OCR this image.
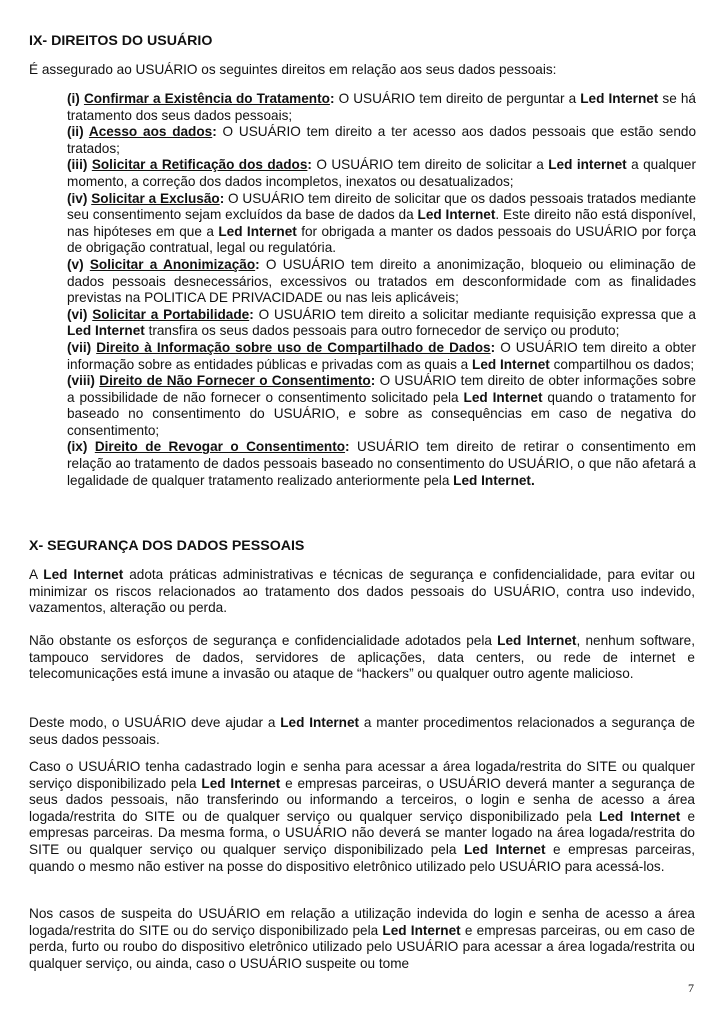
IX- DIREITOS DO USUÁRIO

É assegurado ao USUÁRIO os seguintes direitos em relação aos seus dados pessoais:

(i) Confirmar a Existência do Tratamento: O USUÁRIO tem direito de perguntar a Led Internet se há tratamento dos seus dados pessoais;

(ii) Acesso aos dados: O USUÁRIO tem direito a ter acesso aos dados pessoais que estão sendo tratados;

(iii) Solicitar a Retificação dos dados: O USUÁRIO tem direito de solicitar a Led internet a qualquer momento, a correção dos dados incompletos, inexatos ou desatualizados;

(iv) Solicitar a Exclusão: O USUÁRIO tem direito de solicitar que os dados pessoais tratados mediante seu consentimento sejam excluídos da base de dados da Led Internet. Este direito não está disponível, nas hipóteses em que a Led Internet for obrigada a manter os dados pessoais do USUÁRIO por força de obrigação contratual, legal ou regulatória.

(v) Solicitar a Anonimização: O USUÁRIO tem direito a anonimização, bloqueio ou eliminação de dados pessoais desnecessários, excessivos ou tratados em desconformidade com as finalidades previstas na POLITICA DE PRIVACIDADE ou nas leis aplicáveis;

(vi) Solicitar a Portabilidade: O USUÁRIO tem direito a solicitar mediante requisição expressa que a Led Internet transfira os seus dados pessoais para outro fornecedor de serviço ou produto;

(vii) Direito à Informação sobre uso de Compartilhado de Dados: O USUÁRIO tem direito a obter informação sobre as entidades públicas e privadas com as quais a Led Internet compartilhou os dados;

(viii) Direito de Não Fornecer o Consentimento: O USUÁRIO tem direito de obter informações sobre a possibilidade de não fornecer o consentimento solicitado pela Led Internet quando o tratamento for baseado no consentimento do USUÁRIO, e sobre as consequências em caso de negativa do consentimento;

(ix) Direito de Revogar o Consentimento: USUÁRIO tem direito de retirar o consentimento em relação ao tratamento de dados pessoais baseado no consentimento do USUÁRIO, o que não afetará a legalidade de qualquer tratamento realizado anteriormente pela Led Internet.

X- SEGURANÇA DOS DADOS PESSOAIS

A Led Internet adota práticas administrativas e técnicas de segurança e confidencialidade, para evitar ou minimizar os riscos relacionados ao tratamento dos dados pessoais do USUÁRIO, contra uso indevido, vazamentos, alteração ou perda.

Não obstante os esforços de segurança e confidencialidade adotados pela Led Internet, nenhum software, tampouco servidores de dados, servidores de aplicações, data centers, ou rede de internet e telecomunicações está imune a invasão ou ataque de “hackers” ou qualquer outro agente malicioso.

Deste modo, o USUÁRIO deve ajudar a Led Internet a manter procedimentos relacionados a segurança de seus dados pessoais.

Caso o USUÁRIO tenha cadastrado login e senha para acessar a área logada/restrita do SITE ou qualquer serviço disponibilizado pela Led Internet e empresas parceiras, o USUÁRIO deverá manter a segurança de seus dados pessoais, não transferindo ou informando a terceiros, o login e senha de acesso a área logada/restrita do SITE ou de qualquer serviço ou qualquer serviço disponibilizado pela Led Internet e empresas parceiras. Da mesma forma, o USUÁRIO não deverá se manter logado na área logada/restrita do SITE ou qualquer serviço ou qualquer serviço disponibilizado pela Led Internet e empresas parceiras, quando o mesmo não estiver na posse do dispositivo eletrônico utilizado pelo USUÁRIO para acessá-los.

Nos casos de suspeita do USUÁRIO em relação a utilização indevida do login e senha de acesso a área logada/restrita do SITE ou do serviço disponibilizado pela Led Internet e empresas parceiras, ou em caso de perda, furto ou roubo do dispositivo eletrônico utilizado pelo USUÁRIO para acessar a área logada/restrita ou qualquer serviço, ou ainda, caso o USUÁRIO suspeite ou tome

7
